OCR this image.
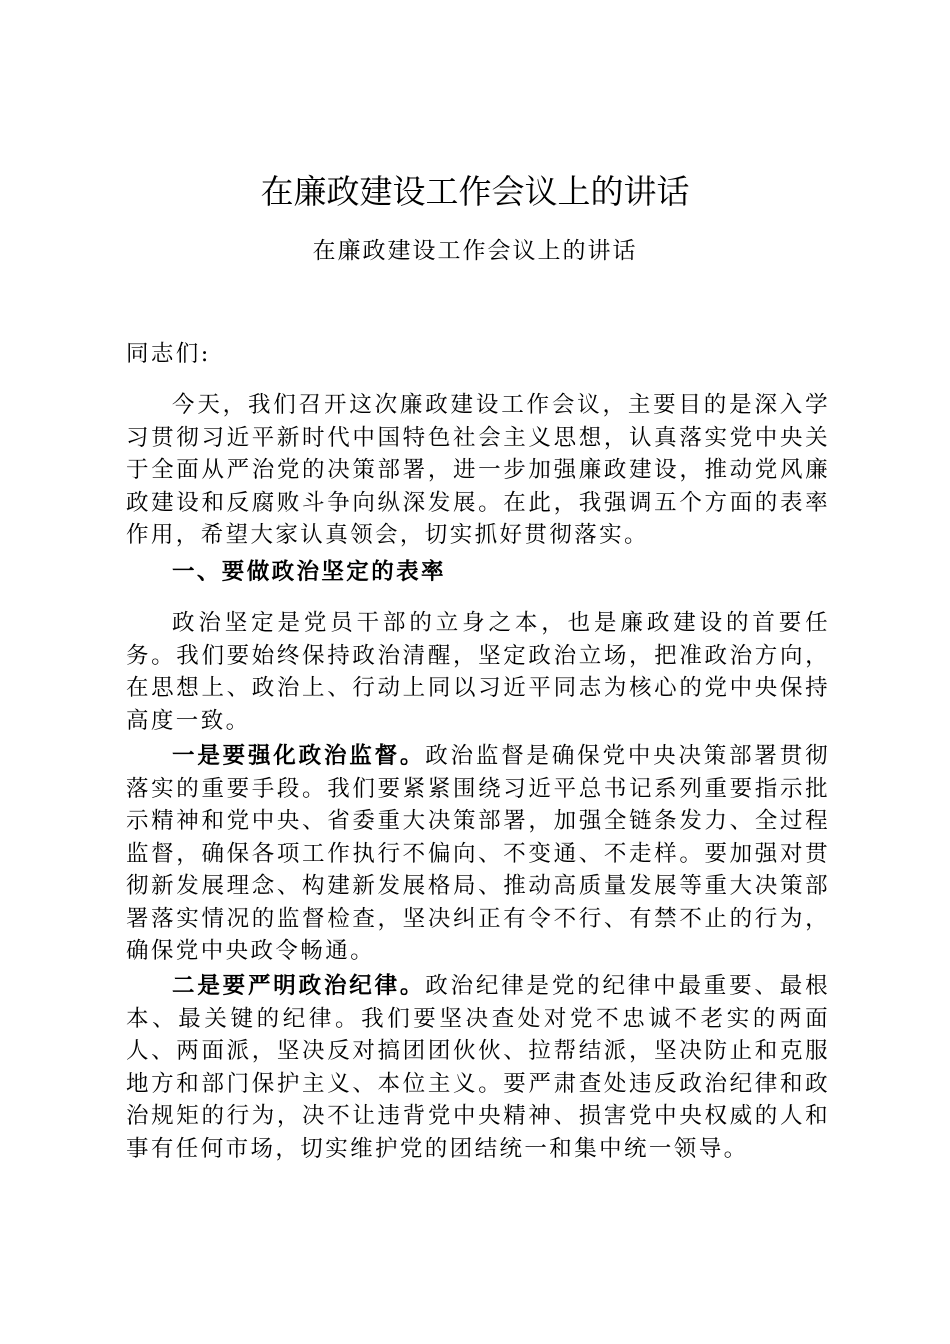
在廉政建设工作会议上的讲话
在廉政建设工作会议上的讲话
同志们:
今天，我们召开这次廉政建设工作会议，主要目的是深入学习贯彻习近平新时代中国特色社会主义思想，认真落实党中央关于全面从严治党的决策部署，进一步加强廉政建设，推动党风廉政建设和反腐败斗争向纵深发展。在此，我强调五个方面的表率作用，希望大家认真领会，切实抓好贯彻落实。
一、要做政治坚定的表率
政治坚定是党员干部的立身之本，也是廉政建设的首要任务。我们要始终保持政治清醒，坚定政治立场，把准政治方向，在思想上、政治上、行动上同以习近平同志为核心的党中央保持高度一致。
一是要强化政治监督。政治监督是确保党中央决策部署贯彻落实的重要手段。我们要紧紧围绕习近平总书记系列重要指示批示精神和党中央、省委重大决策部署，加强全链条发力、全过程监督，确保各项工作执行不偏向、不变通、不走样。要加强对贯彻新发展理念、构建新发展格局、推动高质量发展等重大决策部署落实情况的监督检查，坚决纠正有令不行、有禁不止的行为，确保党中央政令畅通。
二是要严明政治纪律。政治纪律是党的纪律中最重要、最根本、最关键的纪律。我们要坚决查处对党不忠诚不老实的两面人、两面派，坚决反对搞团团伙伙、拉帮结派，坚决防止和克服地方和部门保护主义、本位主义。要严肃查处违反政治纪律和政治规矩的行为，决不让违背党中央精神、损害党中央权威的人和事有任何市场，切实维护党的团结统一和集中统一领导。
